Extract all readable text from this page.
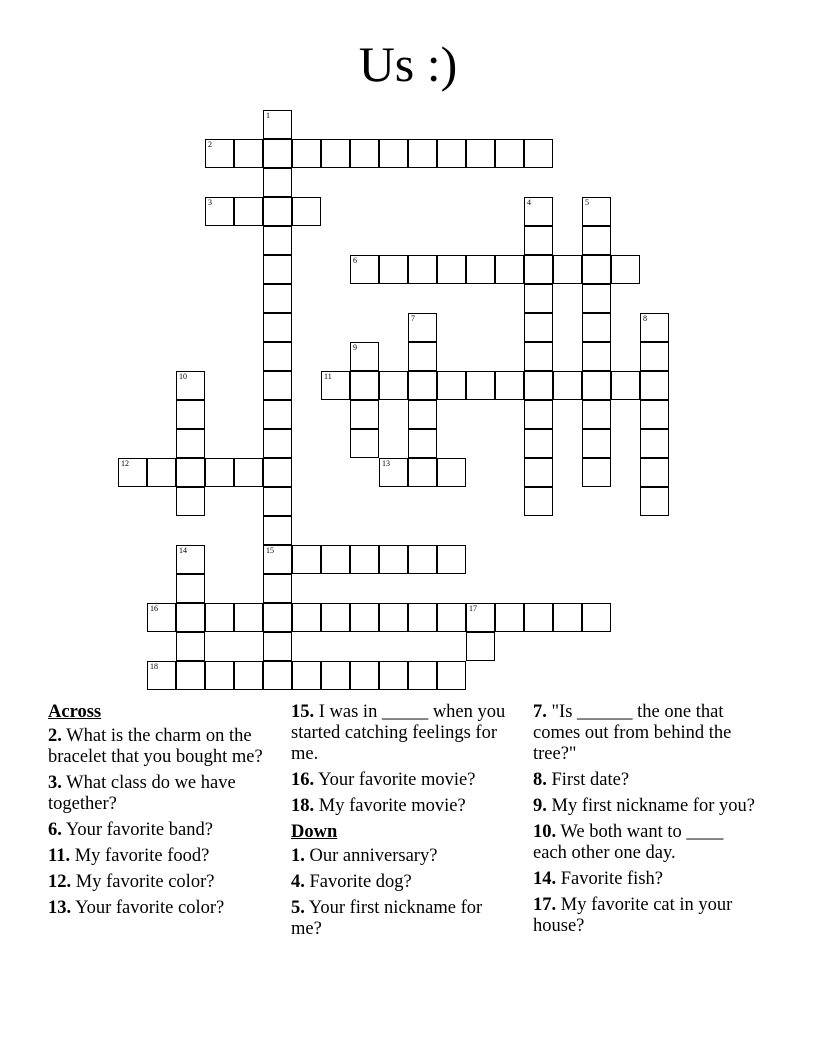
Us :)
2
3
6
11
12	13
15
16	17
18
1
4	5
7	8
9
10
14
Across
2. What is the charm on the bracelet that you bought me?
3. What class do we have together?
6. Your favorite band?
11. My favorite food?
12. My favorite color?
13. Your favorite color?
15. I was in _____ when you started catching feelings for me.
16. Your favorite movie?
18. My favorite movie?
Down
1. Our anniversary?
4. Favorite dog?
5. Your first nickname for me?
7. "Is ______ the one that comes out from behind the tree?"
8. First date?
9. My first nickname for you?
10. We both want to ____ each other one day.
14. Favorite fish?
17. My favorite cat in your house?
